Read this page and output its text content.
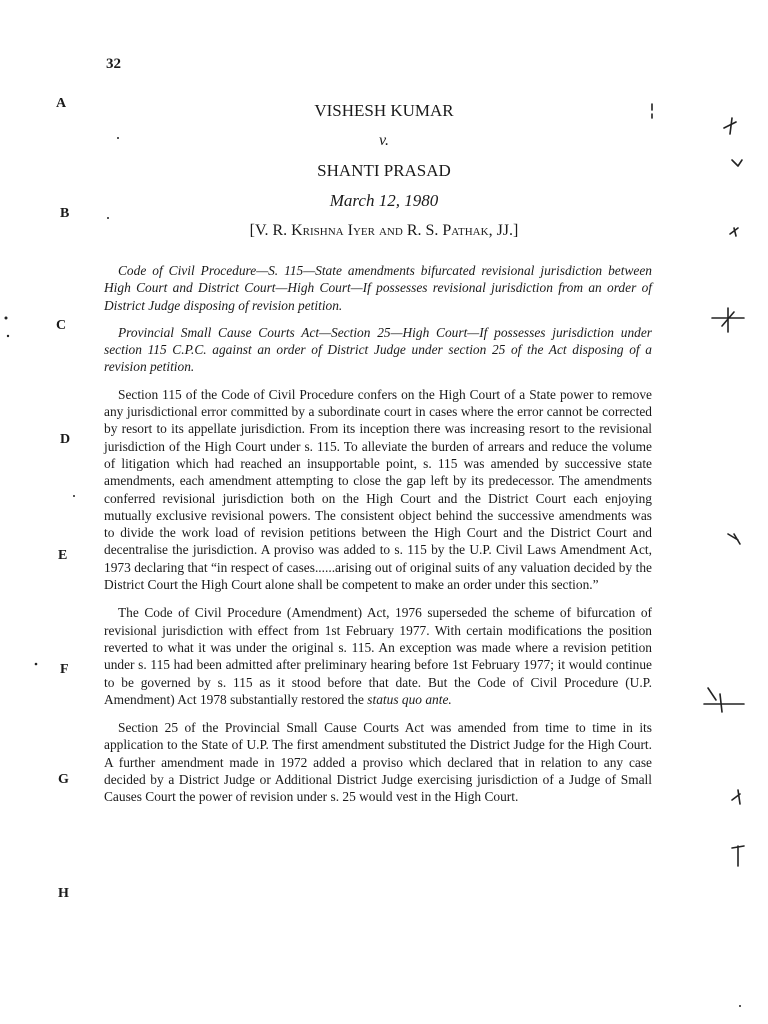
32
A
B
C
D
E
F
G
H
VISHESH KUMAR
v.
SHANTI PRASAD
March 12, 1980
[V. R. Krishna Iyer and R. S. Pathak, JJ.]

Code of Civil Procedure—S. 115—State amendments bifurcated revisional jurisdiction between High Court and District Court—High Court—If possesses revisional jurisdiction from an order of District Judge disposing of revision petition.

Provincial Small Cause Courts Act—Section 25—High Court—If possesses jurisdiction under section 115 C.P.C. against an order of District Judge under section 25 of the Act disposing of a revision petition.

Section 115 of the Code of Civil Procedure confers on the High Court of a State power to remove any jurisdictional error committed by a subordinate court in cases where the error cannot be corrected by resort to its appellate jurisdiction. From its inception there was increasing resort to the revisional jurisdiction of the High Court under s. 115. To alleviate the burden of arrears and reduce the volume of litigation which had reached an insupportable point, s. 115 was amended by successive state amendments, each amendment attempting to close the gap left by its predecessor. The amendments conferred revisional jurisdiction both on the High Court and the District Court each enjoying mutually exclusive revisional powers. The consistent object behind the successive amendments was to divide the work load of revision petitions between the High Court and the District Court and decentralise the jurisdiction. A proviso was added to s. 115 by the U.P. Civil Laws Amendment Act, 1973 declaring that “in respect of cases......arising out of original suits of any valuation decided by the District Court the High Court alone shall be competent to make an order under this section.”

The Code of Civil Procedure (Amendment) Act, 1976 superseded the scheme of bifurcation of revisional jurisdiction with effect from 1st February 1977. With certain modifications the position reverted to what it was under the original s. 115. An exception was made where a revision petition under s. 115 had been admitted after preliminary hearing before 1st February 1977; it would continue to be governed by s. 115 as it stood before that date. But the Code of Civil Procedure (U.P. Amendment) Act 1978 substantially restored the status quo ante.

Section 25 of the Provincial Small Cause Courts Act was amended from time to time in its application to the State of U.P. The first amendment substituted the District Judge for the High Court. A further amendment made in 1972 added a proviso which declared that in relation to any case decided by a District Judge or Additional District Judge exercising jurisdiction of a Judge of Small Causes Court the power of revision under s. 25 would vest in the High Court.
